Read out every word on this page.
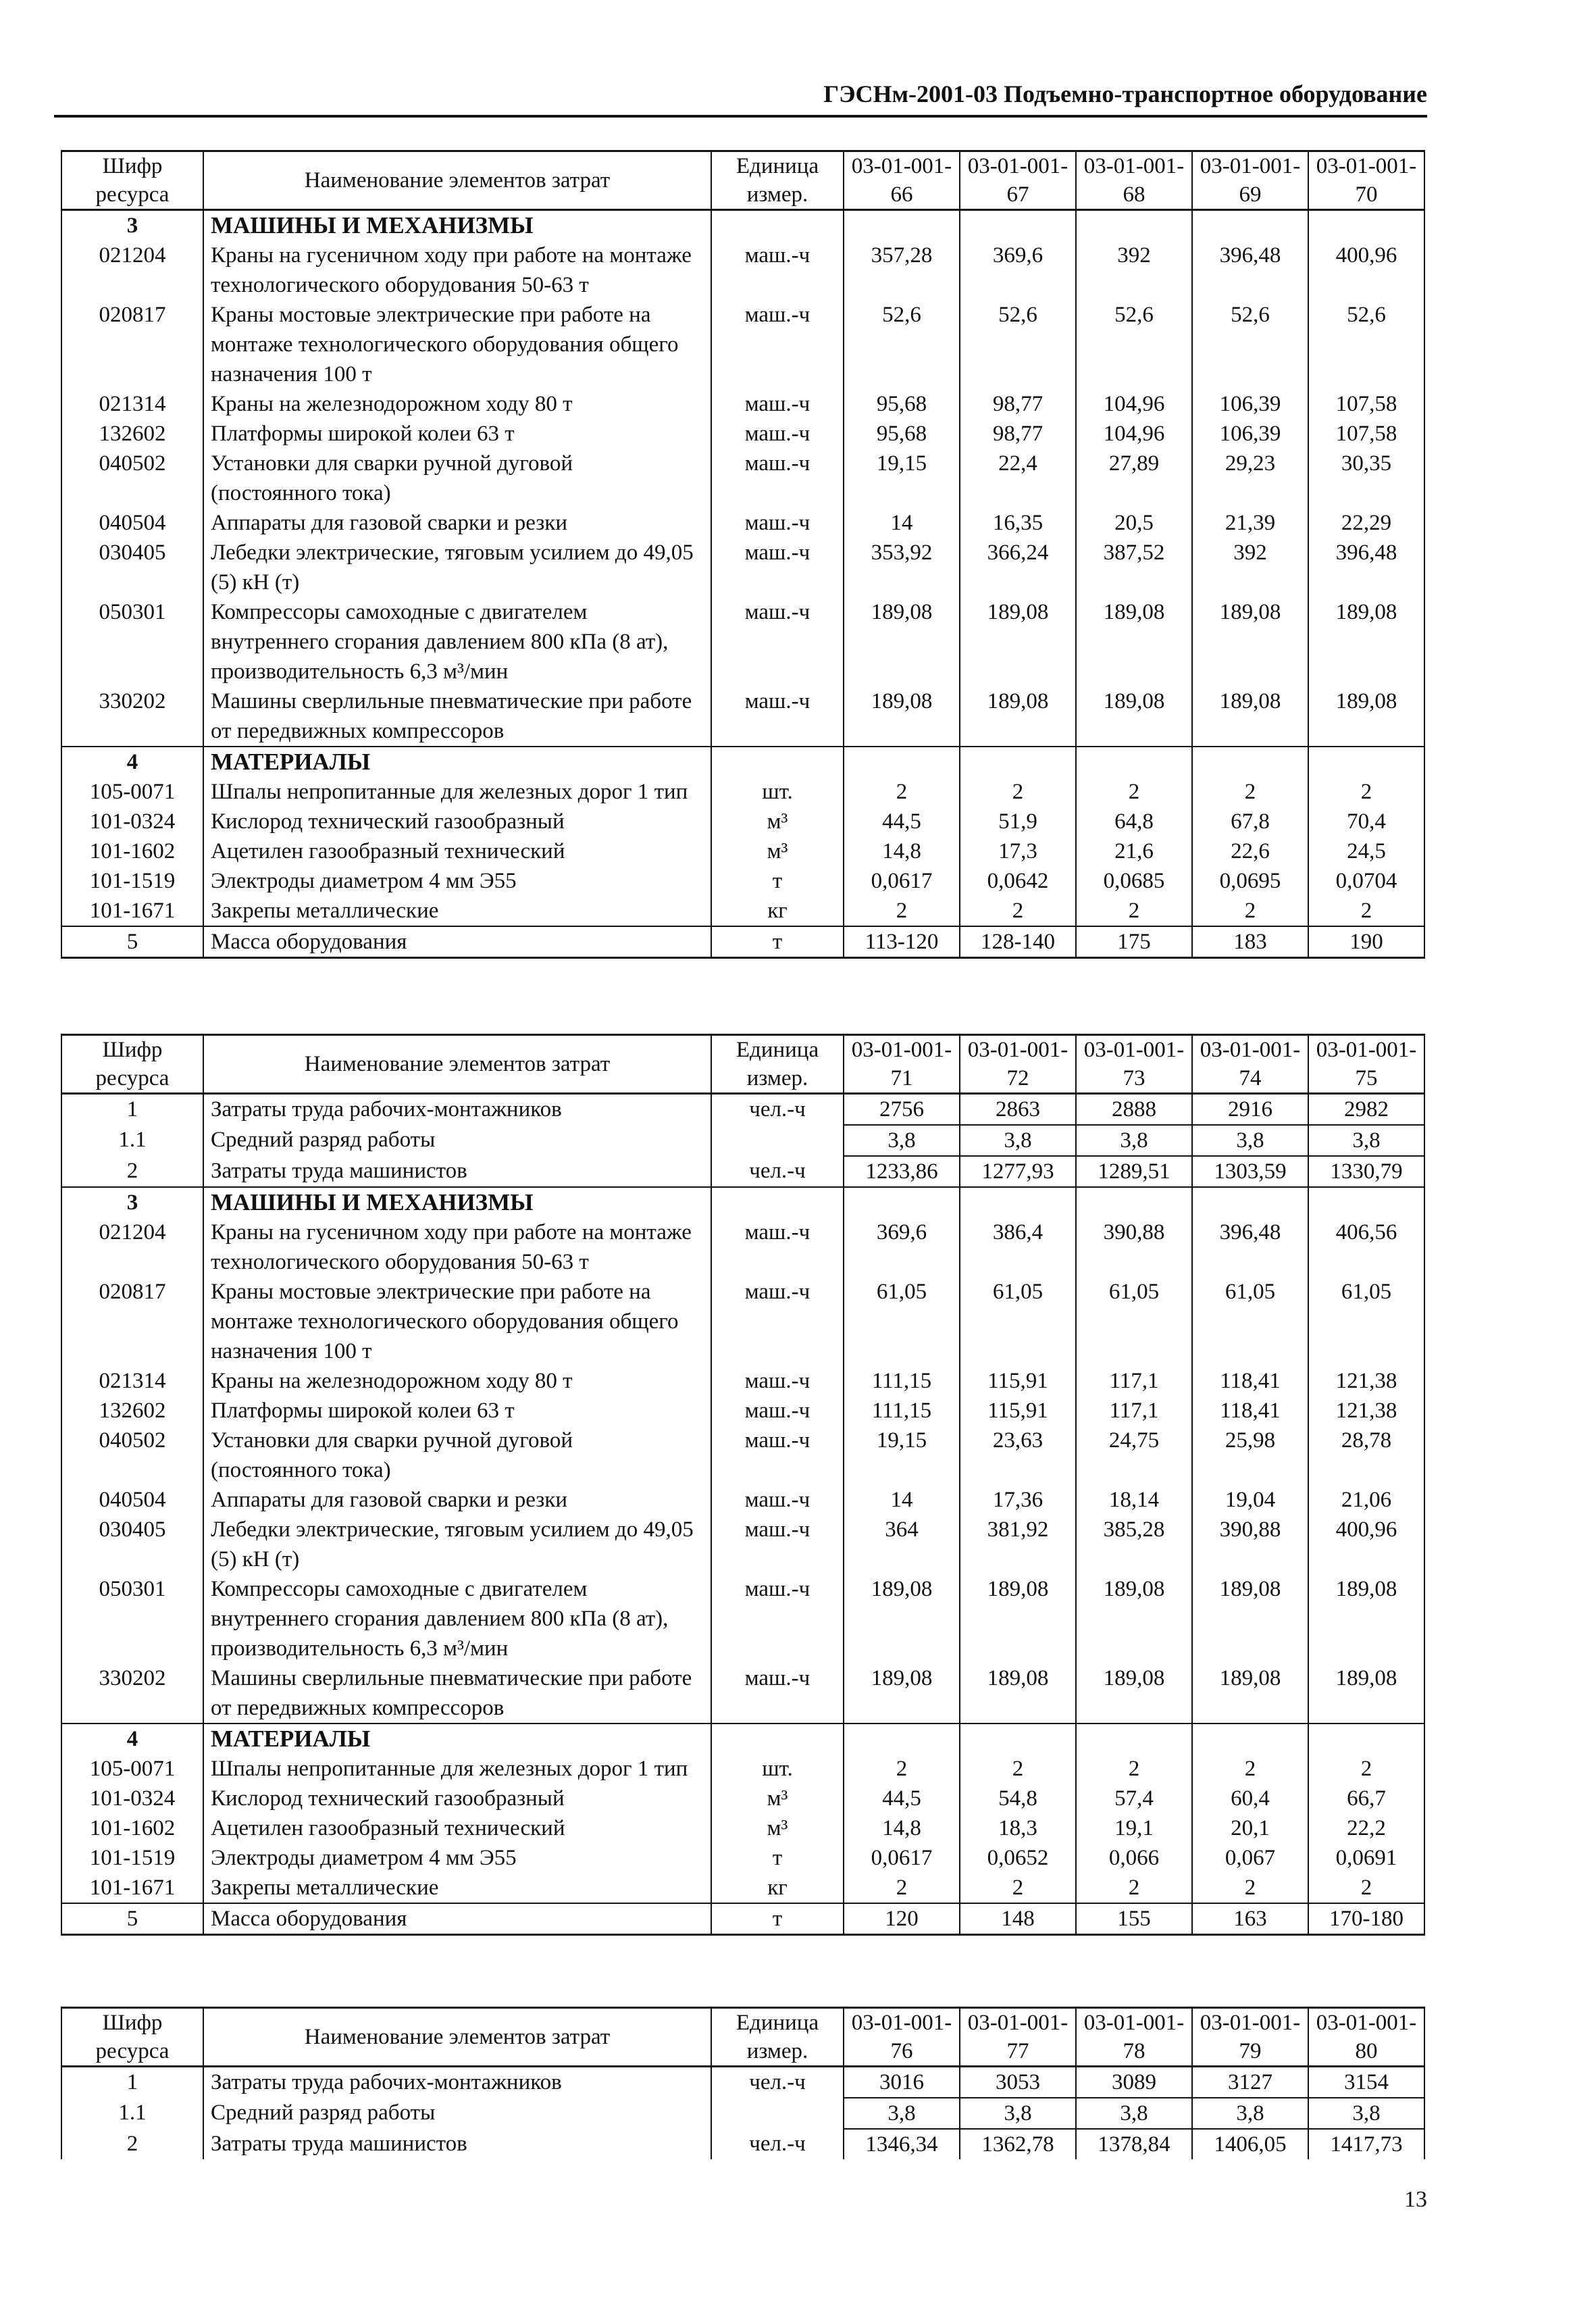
ГЭСНм-2001-03 Подъемно-транспортное оборудование
Шифр ресурса	Наименование элементов затрат	Единица измер.	03-01-001-66	03-01-001-67	03-01-001-68	03-01-001-69	03-01-001-70
3	МАШИНЫ И МЕХАНИЗМЫ						
021204	Краны на гусеничном ходу при работе на монтаже технологического оборудования 50-63 т	маш.-ч	357,28	369,6	392	396,48	400,96
020817	Краны мостовые электрические при работе на монтаже технологического оборудования общего назначения 100 т	маш.-ч	52,6	52,6	52,6	52,6	52,6
021314	Краны на железнодорожном ходу 80 т	маш.-ч	95,68	98,77	104,96	106,39	107,58
132602	Платформы широкой колеи 63 т	маш.-ч	95,68	98,77	104,96	106,39	107,58
040502	Установки для сварки ручной дуговой (постоянного тока)	маш.-ч	19,15	22,4	27,89	29,23	30,35
040504	Аппараты для газовой сварки и резки	маш.-ч	14	16,35	20,5	21,39	22,29
030405	Лебедки электрические, тяговым усилием до 49,05 (5) кН (т)	маш.-ч	353,92	366,24	387,52	392	396,48
050301	Компрессоры самоходные с двигателем внутреннего сгорания давлением 800 кПа (8 ат), производительность 6,3 м³/мин	маш.-ч	189,08	189,08	189,08	189,08	189,08
330202	Машины сверлильные пневматические при работе от передвижных компрессоров	маш.-ч	189,08	189,08	189,08	189,08	189,08
4	МАТЕРИАЛЫ						
105-0071	Шпалы непропитанные для железных дорог 1 тип	шт.	2	2	2	2	2
101-0324	Кислород технический газообразный	м³	44,5	51,9	64,8	67,8	70,4
101-1602	Ацетилен газообразный технический	м³	14,8	17,3	21,6	22,6	24,5
101-1519	Электроды диаметром 4 мм Э55	т	0,0617	0,0642	0,0685	0,0695	0,0704
101-1671	Закрепы металлические	кг	2	2	2	2	2
5	Масса оборудования	т	113-120	128-140	175	183	190
Шифр ресурса	Наименование элементов затрат	Единица измер.	03-01-001-71	03-01-001-72	03-01-001-73	03-01-001-74	03-01-001-75
1	Затраты труда рабочих-монтажников	чел.-ч	2756	2863	2888	2916	2982
1.1	Средний разряд работы		3,8	3,8	3,8	3,8	3,8
2	Затраты труда машинистов	чел.-ч	1233,86	1277,93	1289,51	1303,59	1330,79
3	МАШИНЫ И МЕХАНИЗМЫ						
021204	Краны на гусеничном ходу при работе на монтаже технологического оборудования 50-63 т	маш.-ч	369,6	386,4	390,88	396,48	406,56
020817	Краны мостовые электрические при работе на монтаже технологического оборудования общего назначения 100 т	маш.-ч	61,05	61,05	61,05	61,05	61,05
021314	Краны на железнодорожном ходу 80 т	маш.-ч	111,15	115,91	117,1	118,41	121,38
132602	Платформы широкой колеи 63 т	маш.-ч	111,15	115,91	117,1	118,41	121,38
040502	Установки для сварки ручной дуговой (постоянного тока)	маш.-ч	19,15	23,63	24,75	25,98	28,78
040504	Аппараты для газовой сварки и резки	маш.-ч	14	17,36	18,14	19,04	21,06
030405	Лебедки электрические, тяговым усилием до 49,05 (5) кН (т)	маш.-ч	364	381,92	385,28	390,88	400,96
050301	Компрессоры самоходные с двигателем внутреннего сгорания давлением 800 кПа (8 ат), производительность 6,3 м³/мин	маш.-ч	189,08	189,08	189,08	189,08	189,08
330202	Машины сверлильные пневматические при работе от передвижных компрессоров	маш.-ч	189,08	189,08	189,08	189,08	189,08
4	МАТЕРИАЛЫ						
105-0071	Шпалы непропитанные для железных дорог 1 тип	шт.	2	2	2	2	2
101-0324	Кислород технический газообразный	м³	44,5	54,8	57,4	60,4	66,7
101-1602	Ацетилен газообразный технический	м³	14,8	18,3	19,1	20,1	22,2
101-1519	Электроды диаметром 4 мм Э55	т	0,0617	0,0652	0,066	0,067	0,0691
101-1671	Закрепы металлические	кг	2	2	2	2	2
5	Масса оборудования	т	120	148	155	163	170-180
Шифр ресурса	Наименование элементов затрат	Единица измер.	03-01-001-76	03-01-001-77	03-01-001-78	03-01-001-79	03-01-001-80
1	Затраты труда рабочих-монтажников	чел.-ч	3016	3053	3089	3127	3154
1.1	Средний разряд работы		3,8	3,8	3,8	3,8	3,8
2	Затраты труда машинистов	чел.-ч	1346,34	1362,78	1378,84	1406,05	1417,73
13
